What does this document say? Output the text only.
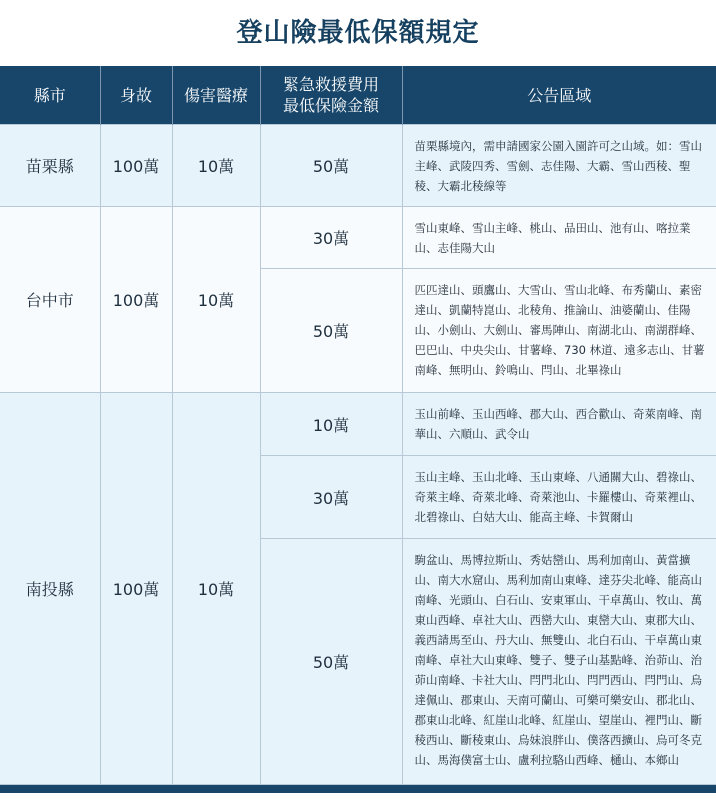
登山險最低保額規定
縣市	身故	傷害醫療	緊急救援費用
最低保險金額	公告區域
苗栗縣	100萬	10萬	50萬	苗栗縣境內，需申請國家公園入園許可之山域。如：雪山主峰、武陵四秀、雪劍、志佳陽、大霸、雪山西稜、聖稜、大霸北稜線等
台中市	100萬	10萬	30萬	雪山東峰、雪山主峰、桃山、品田山、池有山、喀拉業山、志佳陽大山
			50萬	匹匹達山、頭鷹山、大雪山、雪山北峰、布秀蘭山、素密達山、凱蘭特崑山、北稜角、推論山、油婆蘭山、佳陽 山、小劍山、大劍山、審馬陣山、南湖北山、南湖群峰、巴巴山、中央尖山、甘薯峰、730 林道、遠多志山、甘薯南峰、無明山、鈴鳴山、閂山、北畢祿山
南投縣	100萬	10萬	10萬	玉山前峰、玉山西峰、郡大山、西合歡山、奇萊南峰、南華山、六順山、武令山
			30萬	玉山主峰、玉山北峰、玉山東峰、八通關大山、碧祿山、奇萊主峰、奇萊北峰、奇萊池山、卡羅樓山、奇萊裡山、北碧祿山、白姑大山、能高主峰、卡賀爾山
			50萬	駒盆山、馬博拉斯山、秀姑巒山、馬利加南山、黃當擴山、南大水窟山、馬利加南山東峰、達芬尖北峰、能高山南峰、光頭山、白石山、安東軍山、干卓萬山、牧山、萬東山西峰、卓社大山、西巒大山、東巒大山、東郡大山、義西請馬至山、丹大山、無雙山、北白石山、干卓萬山東南峰、卓社大山東峰、雙子、雙子山基點峰、治茆山、治茆山南峰、卡社大山、閂門北山、閂門西山、閂門山、烏達佩山、郡東山、天南可蘭山、可樂可樂安山、郡北山、郡東山北峰、紅崖山北峰、紅崖山、望崖山、裡門山、斷稜西山、斷稜東山、烏妹浪胖山、僕落西擴山、烏可冬克山、馬海僕富士山、盧利拉駱山西峰、樋山、本鄉山
